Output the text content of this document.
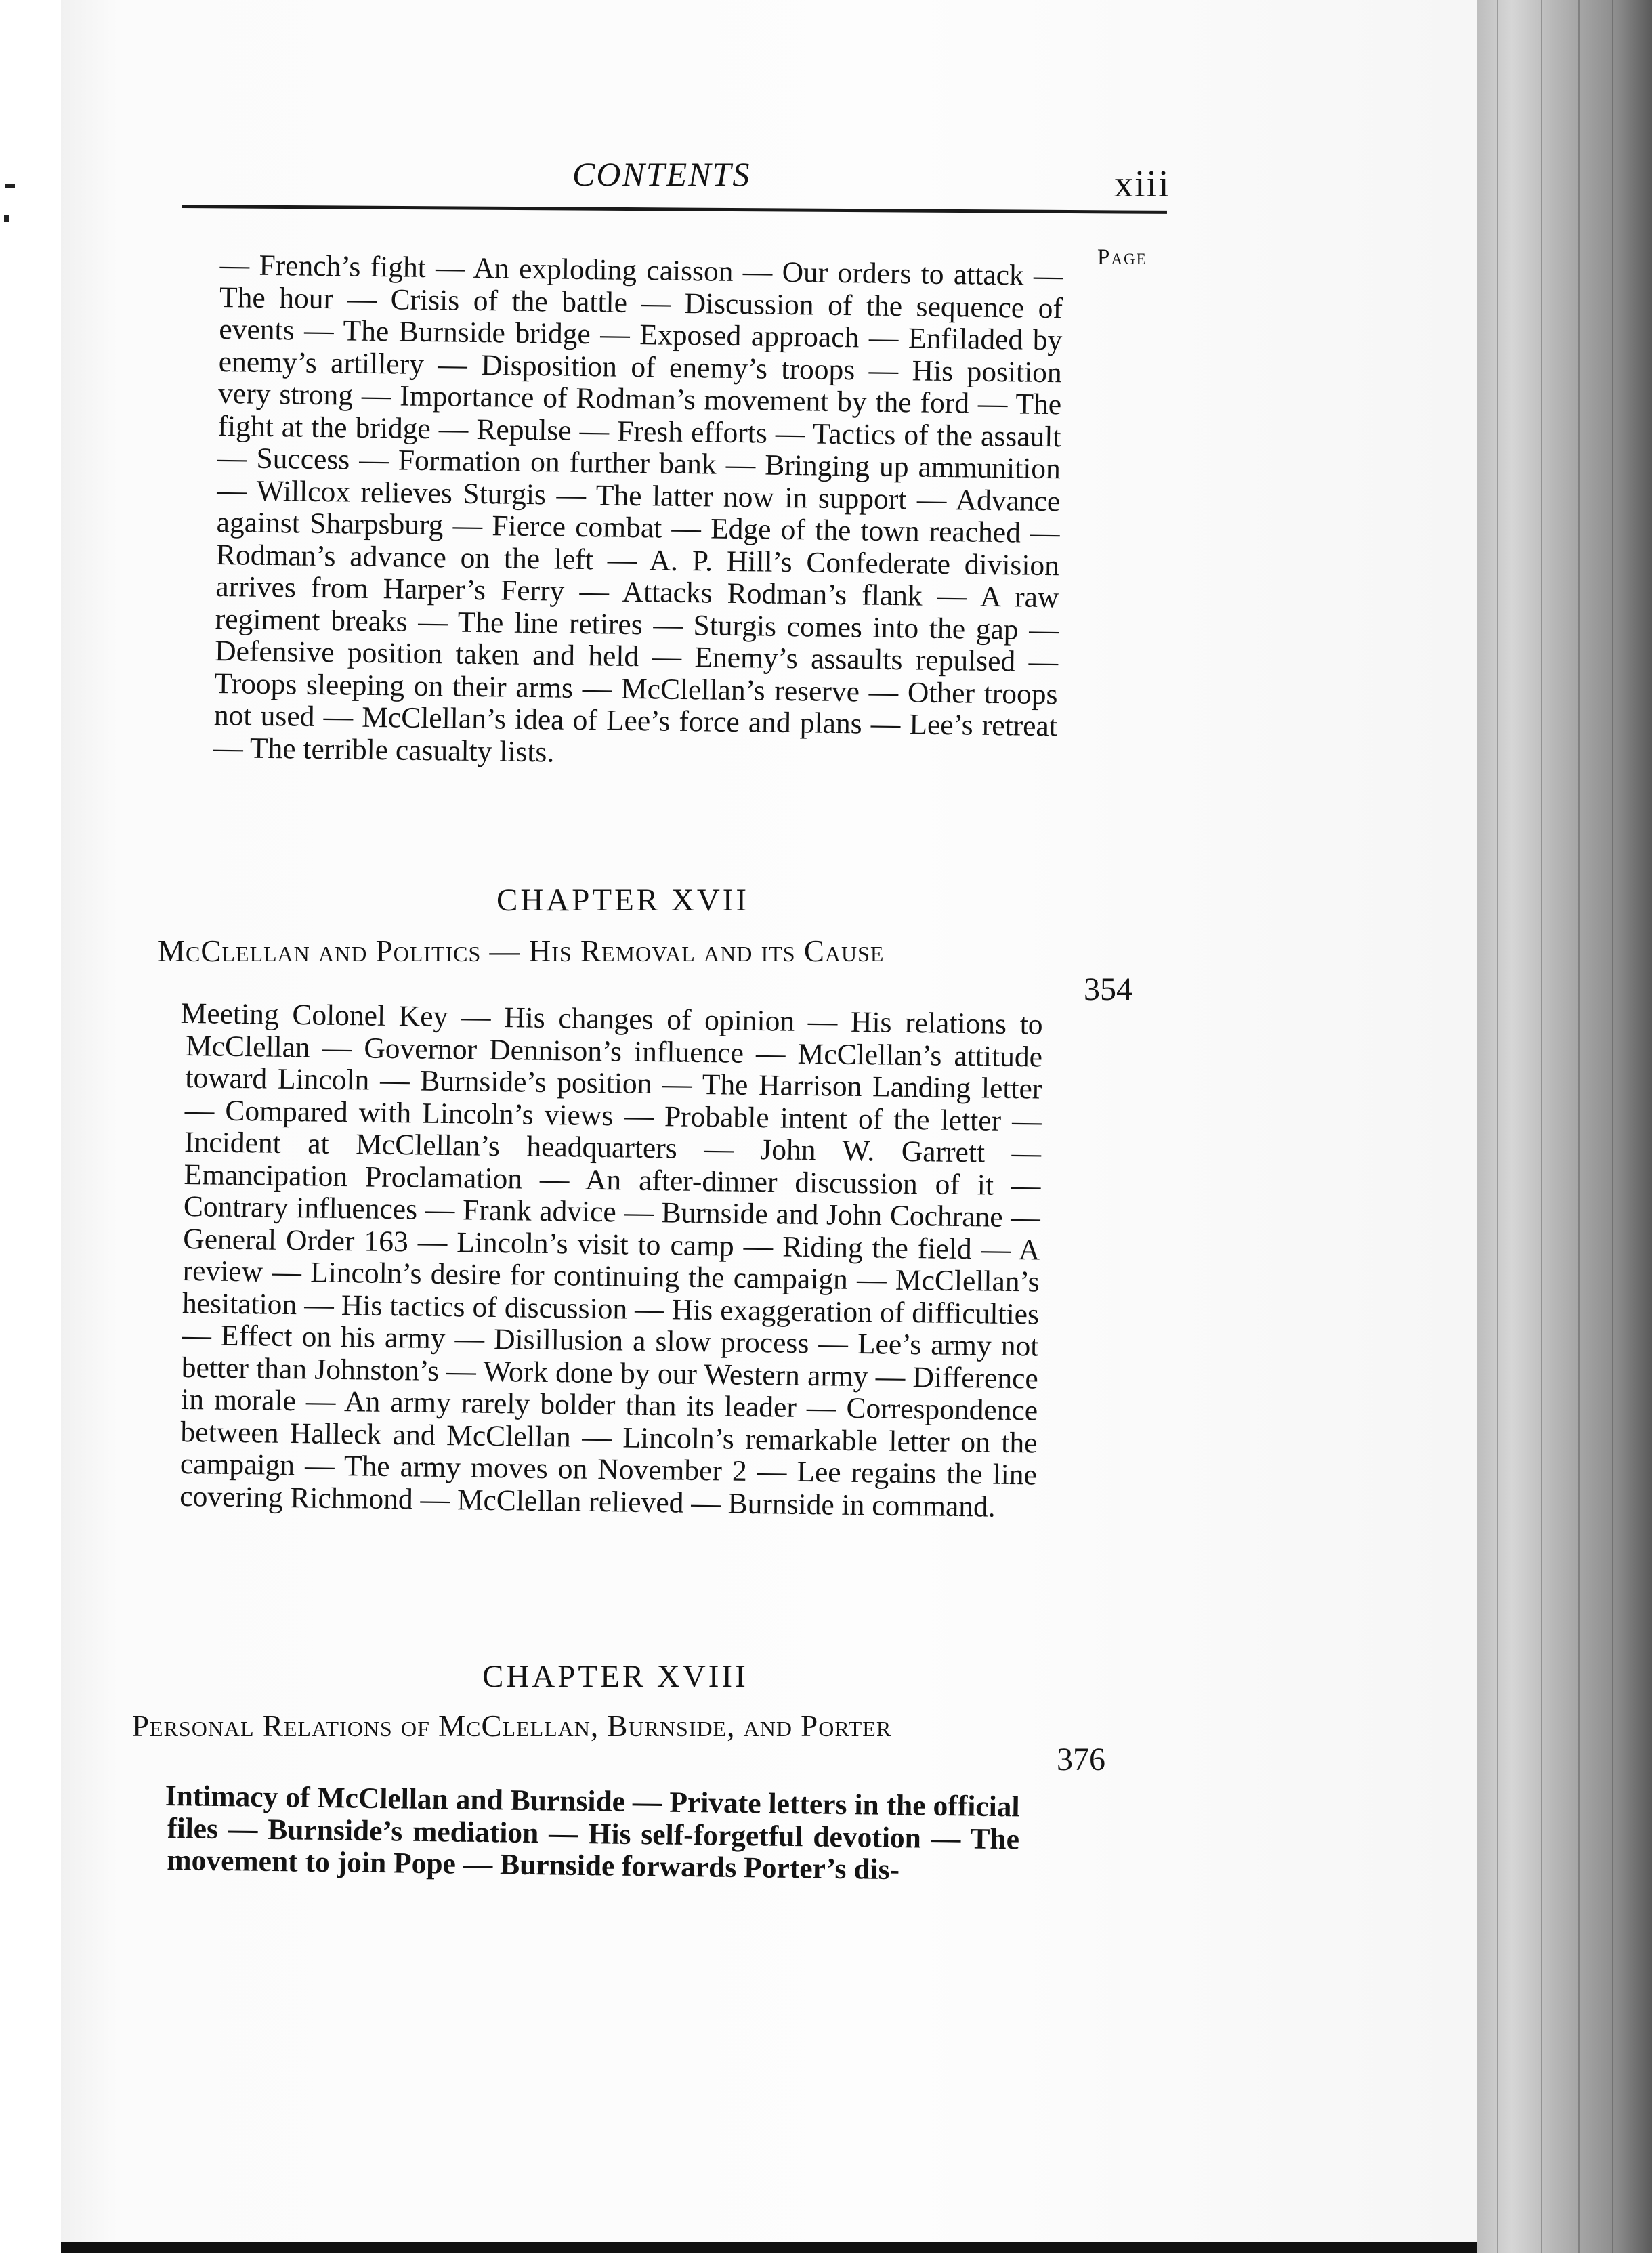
CONTENTS	xiii
Page
— French’s fight — An exploding caisson — Our orders to attack — The hour — Crisis of the battle — Discussion of the sequence of events — The Burnside bridge — Exposed approach — Enfiladed by enemy’s artillery — Disposition of enemy’s troops — His position very strong — Importance of Rodman’s movement by the ford — The fight at the bridge — Repulse — Fresh efforts — Tactics of the assault — Success — Formation on further bank — Bringing up ammunition — Willcox relieves Sturgis — The latter now in support — Advance against Sharpsburg — Fierce combat — Edge of the town reached — Rodman’s advance on the left — A. P. Hill’s Confederate division arrives from Harper’s Ferry — Attacks Rodman’s flank — A raw regiment breaks — The line retires — Sturgis comes into the gap — Defensive position taken and held — Enemy’s assaults repulsed — Troops sleeping on their arms — McClellan’s reserve — Other troops not used — McClellan’s idea of Lee’s force and plans — Lee’s retreat — The terrible casualty lists.
CHAPTER XVII
McClellan and Politics — His Removal and its Cause
354
Meeting Colonel Key — His changes of opinion — His relations to McClellan — Governor Dennison’s influence — McClellan’s attitude toward Lincoln — Burnside’s position — The Harrison Landing letter — Compared with Lincoln’s views — Probable intent of the letter — Incident at McClellan’s headquarters — John W. Garrett — Emancipation Proclamation — An after-dinner discussion of it — Contrary influences — Frank advice — Burnside and John Cochrane — General Order 163 — Lincoln’s visit to camp — Riding the field — A review — Lincoln’s desire for continuing the campaign — McClellan’s hesitation — His tactics of discussion — His exaggeration of difficulties — Effect on his army — Disillusion a slow process — Lee’s army not better than Johnston’s — Work done by our Western army — Difference in morale — An army rarely bolder than its leader — Correspondence between Halleck and McClellan — Lincoln’s remarkable letter on the campaign — The army moves on November 2 — Lee regains the line covering Richmond — McClellan relieved — Burnside in command.
CHAPTER XVIII
Personal Relations of McClellan, Burnside, and Porter
376
Intimacy of McClellan and Burnside — Private letters in the official files — Burnside’s mediation — His self-forgetful devotion — The movement to join Pope — Burnside forwards Porter’s dis-
